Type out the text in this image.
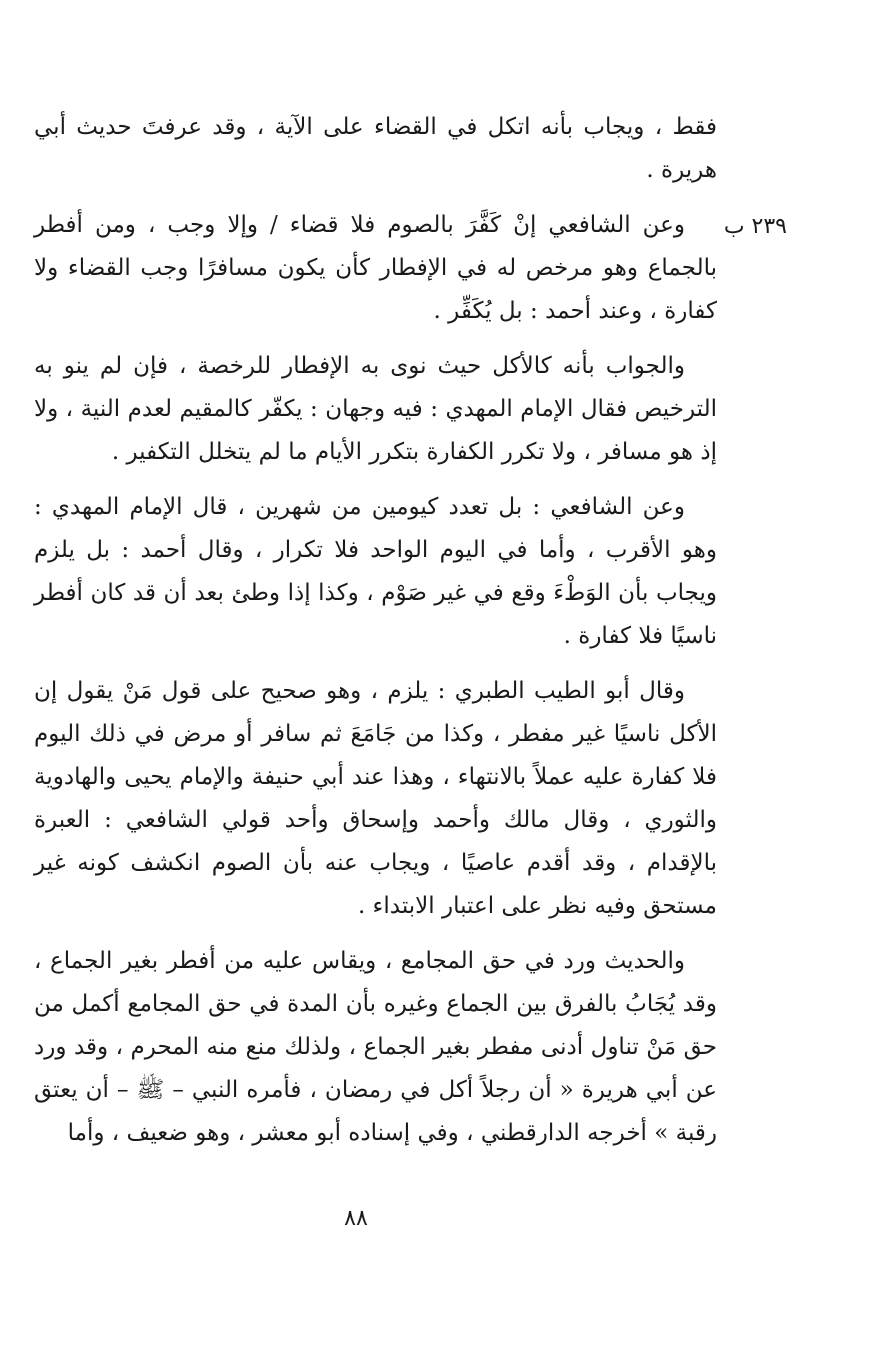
٢٣٩ ب

فقط ، ويجاب بأنه اتكل في القضاء على الآية ، وقد عرفتَ حديث أبي هريرة .

وعن الشافعي إنْ كَفَّرَ بالصوم فلا قضاء / وإلا وجب ، ومن أفطر بالجماع وهو مرخص له في الإفطار كأن يكون مسافرًا وجب القضاء ولا كفارة ، وعند أحمد : بل يُكَفِّر .

والجواب بأنه كالأكل حيث نوى به الإفطار للرخصة ، فإن لم ينو به الترخيص فقال الإمام المهدي : فيه وجهان : يكفّر كالمقيم لعدم النية ، ولا إذ هو مسافر ، ولا تكرر الكفارة بتكرر الأيام ما لم يتخلل التكفير .

وعن الشافعي : بل تعدد كيومين من شهرين ، قال الإمام المهدي : وهو الأقرب ، وأما في اليوم الواحد فلا تكرار ، وقال أحمد : بل يلزم ويجاب بأن الوَطْءَ وقع في غير صَوْم ، وكذا إذا وطئ بعد أن قد كان أفطر ناسيًا فلا كفارة .

وقال أبو الطيب الطبري : يلزم ، وهو صحيح على قول مَنْ يقول إن الأكل ناسيًا غير مفطر ، وكذا من جَامَعَ ثم سافر أو مرض في ذلك اليوم فلا كفارة عليه عملاً بالانتهاء ، وهذا عند أبي حنيفة والإمام يحيى والهادوية والثوري ، وقال مالك وأحمد وإسحاق وأحد قولي الشافعي : العبرة بالإقدام ، وقد أقدم عاصيًا ، ويجاب عنه بأن الصوم انكشف كونه غير مستحق وفيه نظر على اعتبار الابتداء .

والحديث ورد في حق المجامع ، ويقاس عليه من أفطر بغير الجماع ، وقد يُجَابُ بالفرق بين الجماع وغيره بأن المدة في حق المجامع أكمل من حق مَنْ تناول أدنى مفطر بغير الجماع ، ولذلك منع منه المحرم ، وقد ورد عن أبي هريرة « أن رجلاً أكل في رمضان ، فأمره النبي – ﷺ – أن يعتق رقبة » أخرجه الدارقطني ، وفي إسناده أبو معشر ، وهو ضعيف ، وأما

٨٨
